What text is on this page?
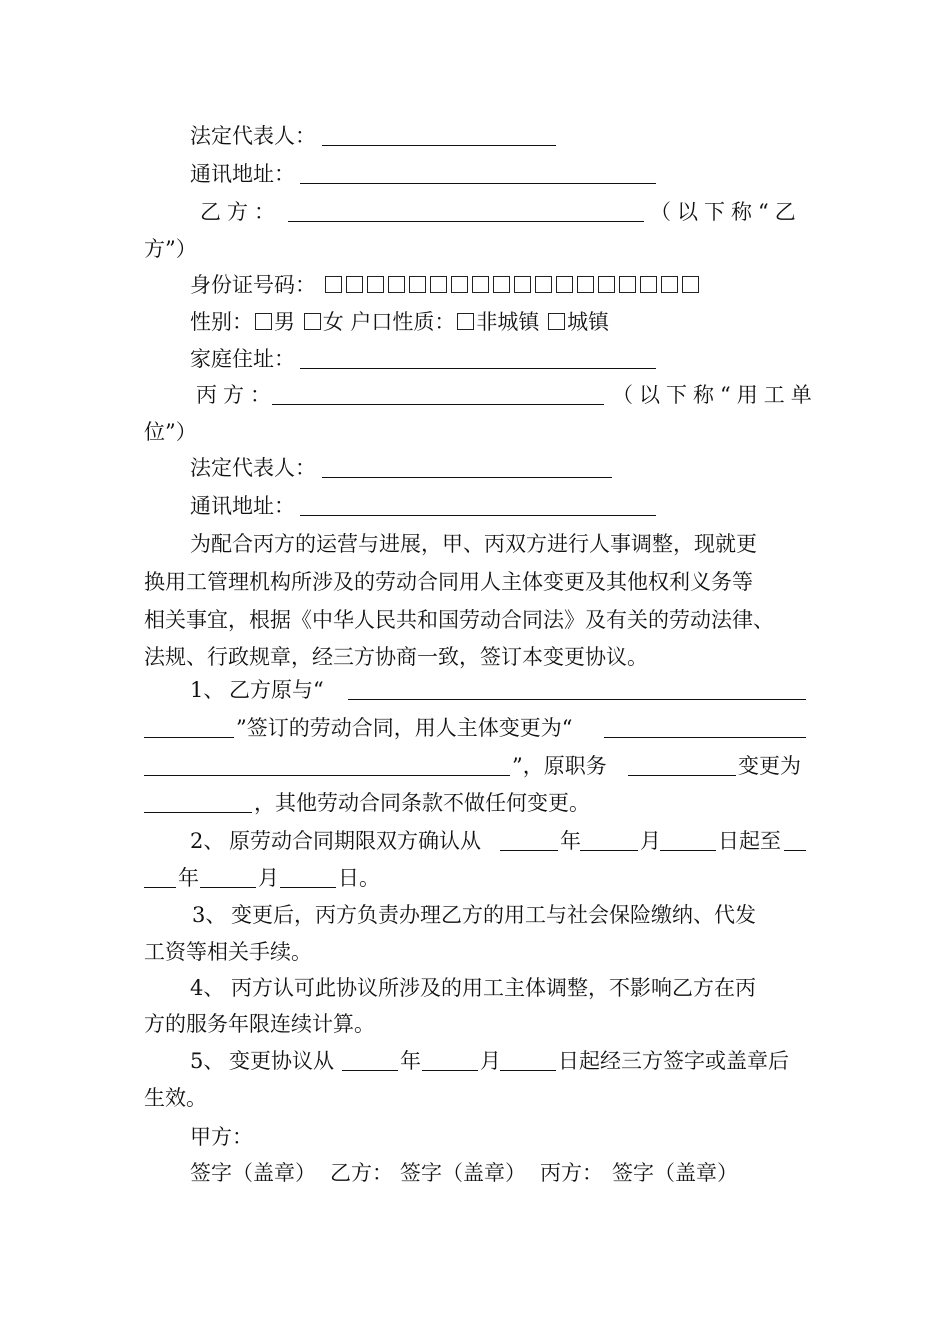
法定代表人：
通讯地址：
乙方：	（以下称“乙
方”）
身份证号码：
性别： 男 女 户口性质： 非城镇 城镇
家庭住址：
丙方：	（以下称“用工单
位”）
法定代表人：
通讯地址：
为配合丙方的运营与进展，甲、丙双方进行人事调整，现就更
换用工管理机构所涉及的劳动合同用人主体变更及其他权利义务等
相关事宜，根据《中华人民共和国劳动合同法》及有关的劳动法律、
法规、行政规章，经三方协商一致，签订本变更协议。
1、 乙方原与“
”签订的劳动合同，用人主体变更为“
”，原职务	变更为
，其他劳动合同条款不做任何变更。
2、 原劳动合同期限双方确认从	年	月	日起至
年	月	日。
3、 变更后，丙方负责办理乙方的用工与社会保险缴纳、代发
工资等相关手续。
4、 丙方认可此协议所涉及的用工主体调整，不影响乙方在丙
方的服务年限连续计算。
5、 变更协议从	年	月	日起经三方签字或盖章后
生效。
甲方：
签字（盖章） 乙方： 签字（盖章） 丙方： 签字（盖章）
